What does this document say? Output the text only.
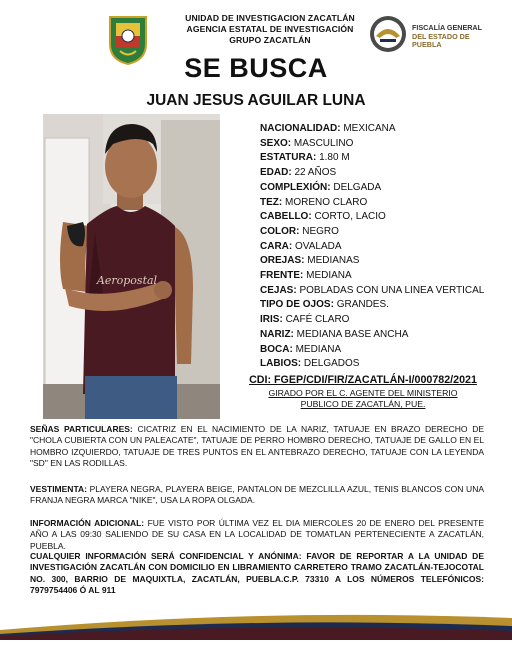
UNIDAD DE INVESTIGACION ZACATLÁN
AGENCIA ESTATAL DE INVESTIGACIÓN
GRUPO ZACATLÁN
FISCALÍA GENERAL
DEL ESTADO DE
PUEBLA
SE BUSCA
JUAN JESUS AGUILAR LUNA
Aeropostal
NACIONALIDAD: MEXICANA
SEXO: MASCULINO
ESTATURA: 1.80 M
EDAD: 22 AÑOS
COMPLEXIÓN: DELGADA
TEZ: MORENO CLARO
CABELLO: CORTO, LACIO
COLOR: NEGRO
CARA: OVALADA
OREJAS: MEDIANAS
FRENTE: MEDIANA
CEJAS: POBLADAS CON UNA LINEA VERTICAL
TIPO DE OJOS: GRANDES.
IRIS: CAFÉ CLARO
NARIZ: MEDIANA BASE ANCHA
BOCA: MEDIANA
LABIOS: DELGADOS
CDI: FGEP/CDI/FIR/ZACATLÁN-I/000782/2021
GIRADO POR EL C. AGENTE DEL MINISTERIO
PUBLICO DE ZACATLÁN, PUE.
SEÑAS PARTICULARES: CICATRIZ EN EL NACIMIENTO DE LA NARIZ, TATUAJE EN BRAZO DERECHO DE "CHOLA CUBIERTA CON UN PALEACATE", TATUAJE DE PERRO HOMBRO DERECHO, TATUAJE DE GALLO EN EL HOMBRO IZQUIERDO, TATUAJE DE TRES PUNTOS EN EL ANTEBRAZO DERECHO, TATUAJE CON LA LEYENDA "SD" EN LAS RODILLAS.
VESTIMENTA: PLAYERA NEGRA, PLAYERA BEIGE, PANTALON DE MEZCLILLA AZUL, TENIS BLANCOS CON UNA FRANJA NEGRA MARCA "NIKE", USA LA ROPA OLGADA.
INFORMACIÓN ADICIONAL: FUE VISTO POR ÚLTIMA VEZ EL DIA MIERCOLES 20 DE ENERO DEL PRESENTE AÑO A LAS 09:30 SALIENDO DE SU CASA EN LA LOCALIDAD DE TOMATLAN PERTENECIENTE A ZACATLÁN, PUEBLA.
CUALQUIER INFORMACIÓN SERÁ CONFIDENCIAL Y ANÓNIMA: FAVOR DE REPORTAR A LA UNIDAD DE INVESTIGACIÓN ZACATLÁN CON DOMICILIO EN LIBRAMIENTO CARRETERO TRAMO ZACATLÁN-TEJOCOTAL NO. 300, BARRIO DE MAQUIXTLA, ZACATLÁN, PUEBLA.C.P. 73310 A LOS NÚMEROS TELEFÓNICOS: 7979754406 Ó AL 911
